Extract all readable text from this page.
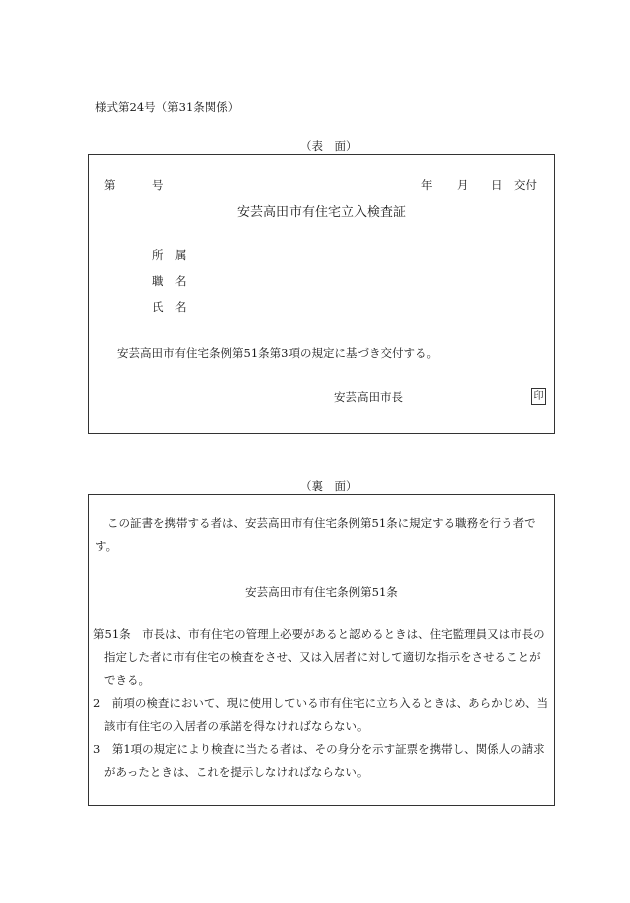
様式第24号（第31条関係）
（表　面）
第	号	年 月 日 交付
安芸高田市有住宅立入検査証
所　属
職　名
氏　名
安芸高田市有住宅条例第51条第3項の規定に基づき交付する。
安芸高田市長	印
（裏　面）
この証書を携帯する者は、安芸高田市有住宅条例第51条に規定する職務を行う者で
す。
安芸高田市有住宅条例第51条
第51条　市長は、市有住宅の管理上必要があると認めるときは、住宅監理員又は市長の
指定した者に市有住宅の検査をさせ、又は入居者に対して適切な指示をさせることが
できる。
2　前項の検査において、現に使用している市有住宅に立ち入るときは、あらかじめ、当
該市有住宅の入居者の承諾を得なければならない。
3　第1項の規定により検査に当たる者は、その身分を示す証票を携帯し、関係人の請求
があったときは、これを提示しなければならない。
